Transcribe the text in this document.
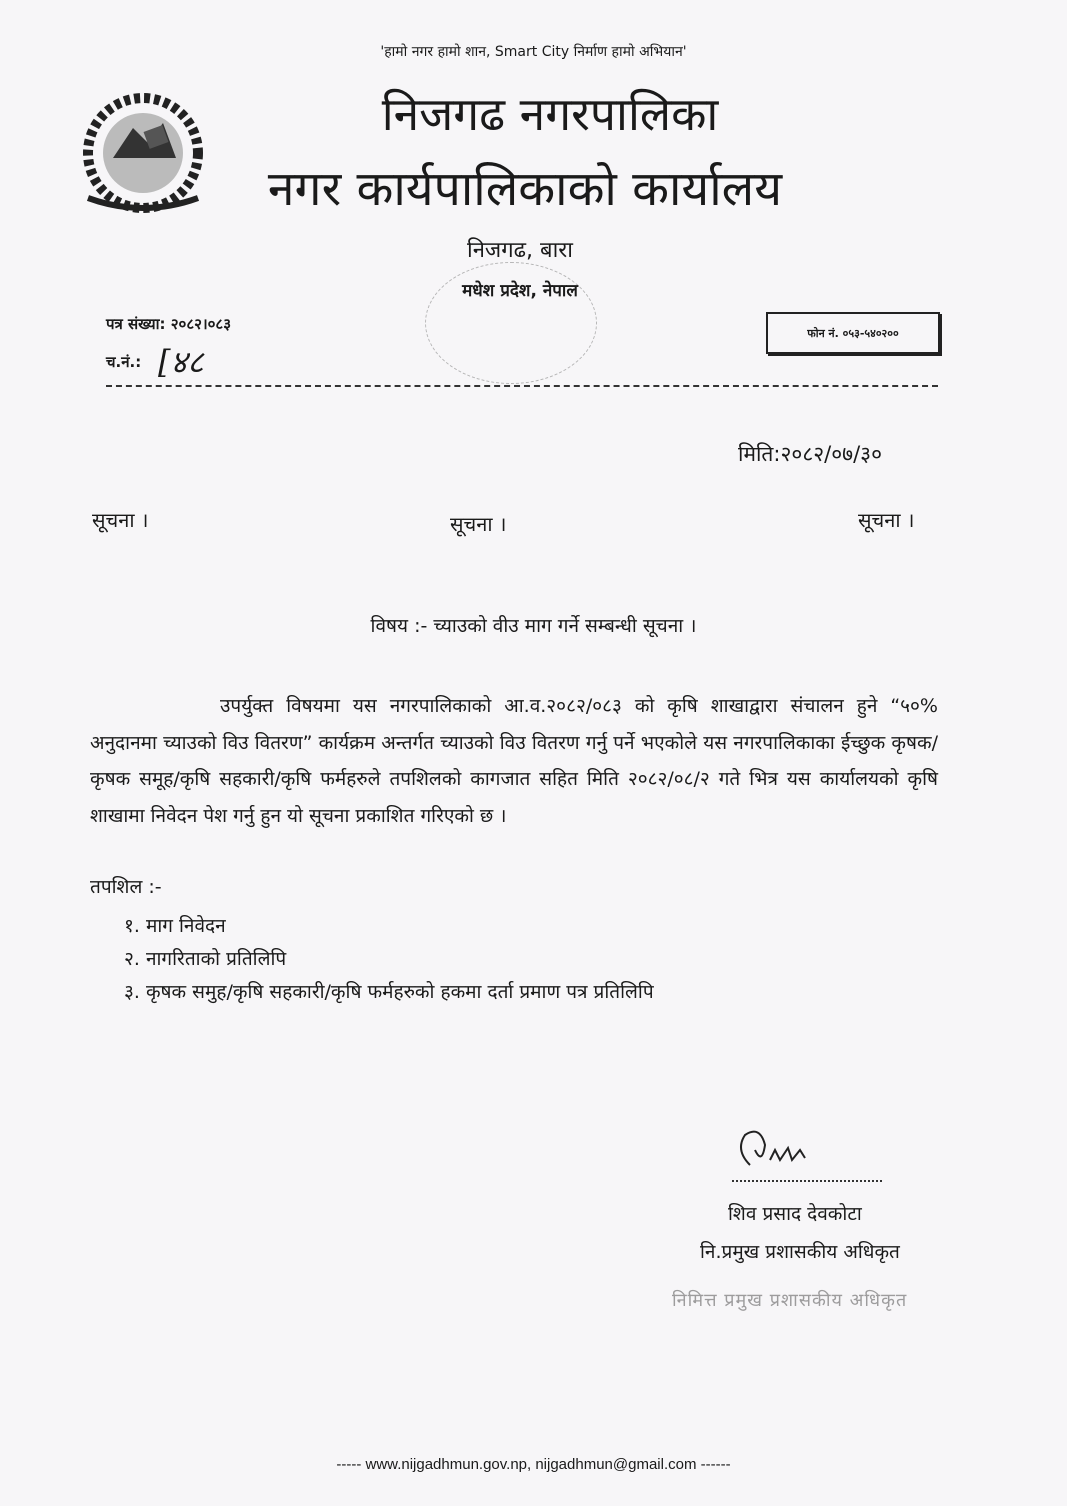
'हामो नगर हामो शान, Smart City निर्माण हामो अभियान'
निजगढ नगरपालिका
नगर कार्यपालिकाको कार्यालय
निजगढ, बारा
मधेश प्रदेश, नेपाल
पत्र संख्या: २०८२।०८३
च.नं.: [४८
फोन नं. ०५३-५४०२००
मिति:२०८२/०७/३०
सूचना ।	सूचना ।	सूचना ।
विषय :- च्याउको वीउ माग गर्ने सम्बन्धी सूचना ।
उपर्युक्त विषयमा यस नगरपालिकाको आ.व.२०८२/०८३ को कृषि शाखाद्वारा संचालन हुने “५०% अनुदानमा च्याउको विउ वितरण” कार्यक्रम अन्तर्गत च्याउको विउ वितरण गर्नु पर्ने भएकोले यस नगरपालिकाका ईच्छुक कृषक/कृषक समूह/कृषि सहकारी/कृषि फर्महरुले तपशिलको कागजात सहित मिति २०८२/०८/२ गते भित्र यस कार्यालयको कृषि शाखामा निवेदन पेश गर्नु हुन यो सूचना प्रकाशित गरिएको छ ।
तपशिल :-
१. माग निवेदन
२. नागरिताको प्रतिलिपि
३. कृषक समुह/कृषि सहकारी/कृषि फर्महरुको हकमा दर्ता प्रमाण पत्र प्रतिलिपि
शिव प्रसाद देवकोटा
नि.प्रमुख प्रशासकीय अधिकृत
निमित्त प्रमुख प्रशासकीय अधिकृत
----- www.nijgadhmun.gov.np, nijgadhmun@gmail.com ------
